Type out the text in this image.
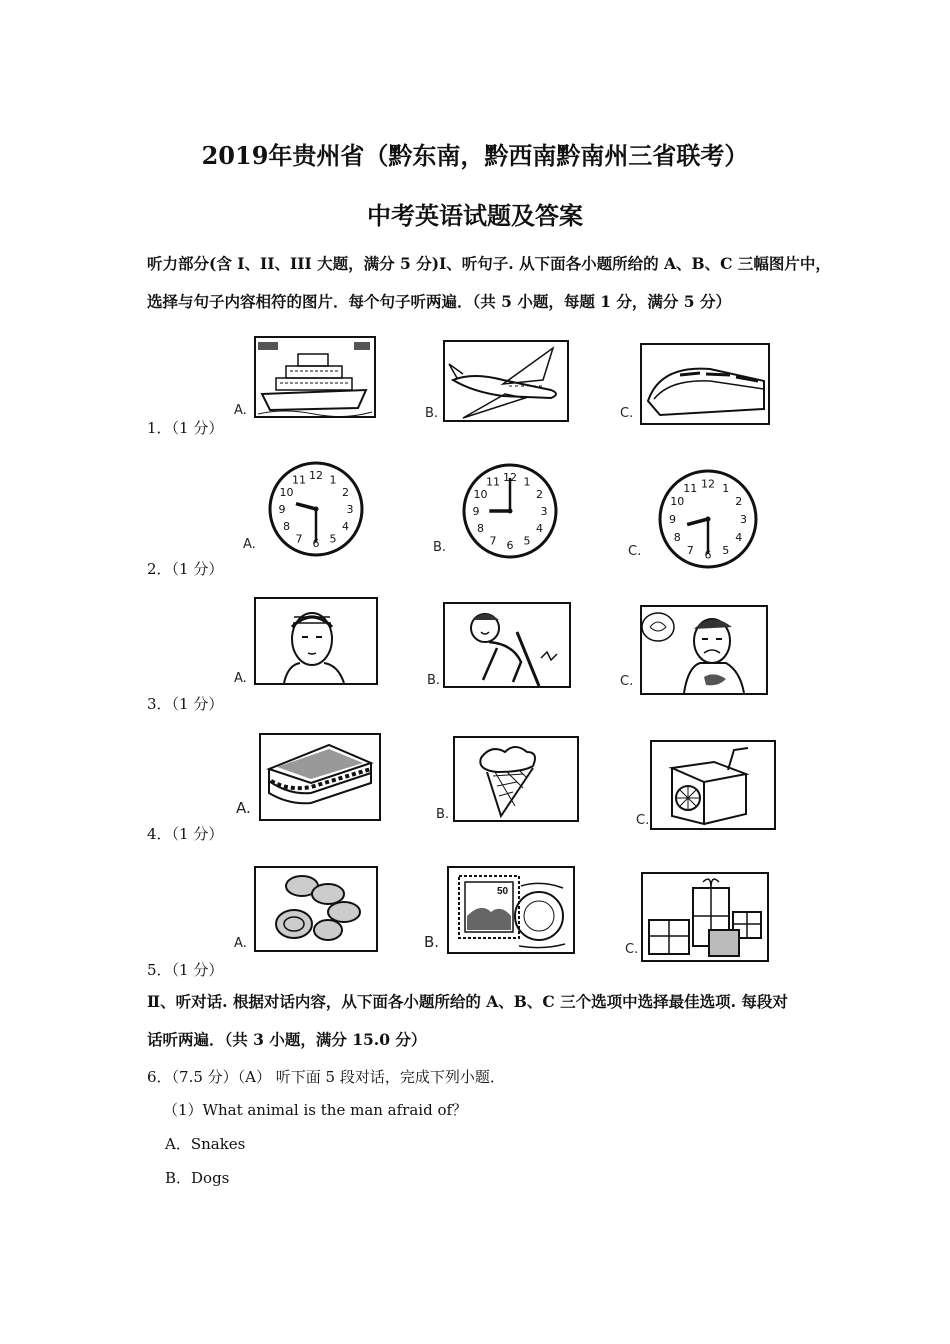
2019年贵州省（黔东南，黔西南黔南州三省联考）
中考英语试题及答案
听力部分(含 I、II、III 大题，满分 5 分)I、听句子. 从下面各小题所给的 A、B、C 三幅图片中，
选择与句子内容相符的图片．每个句子听两遍．（共 5 小题，每题 1 分，满分 5 分）
1．（1 分）
A.	B.	C.
2．（1 分）
A.
1
2
3
4
5
6
7
8
9
10
11 12
B.
1
2
3
4
5
6
7
8
9
10
11 12
C.
1
2
3
4
5
6
7
8
9
10
11 12
3．（1 分）
A.	B.	C.
4．（1 分）
A.	B.	C.
5．（1 分）
A.	B.
50
C.
Ⅱ、听对话. 根据对话内容，从下面各小题所给的 A、B、C 三个选项中选择最佳选项. 每段对
话听两遍．（共 3 小题，满分 15.0 分）
6．（7.5 分）（A） 听下面 5 段对话，完成下列小题．
（1）What animal is the man afraid of？
A．Snakes
B．Dogs
